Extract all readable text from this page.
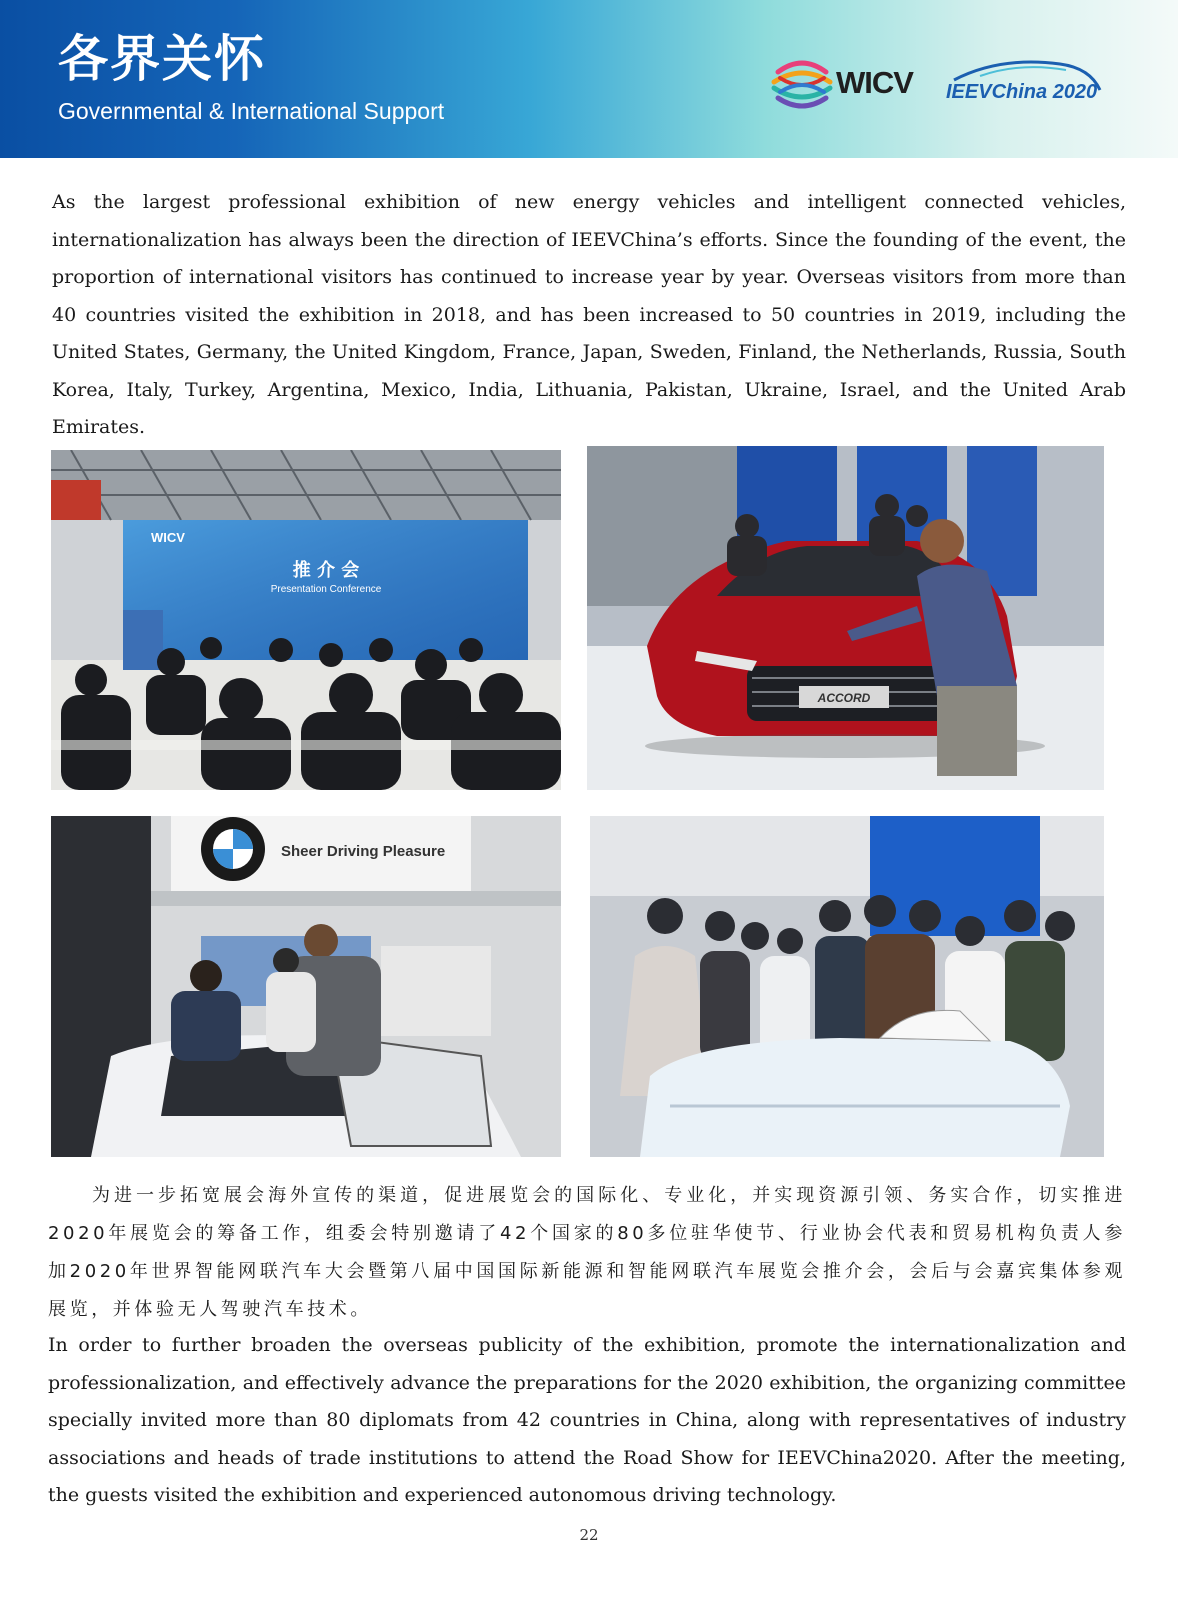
各界关怀
Governmental & International Support
WICV IEEVChina 2020

As the largest professional exhibition of new energy vehicles and intelligent connected vehicles, internationalization has always been the direction of IEEVChina’s efforts. Since the founding of the event, the proportion of international visitors has continued to increase year by year. Overseas visitors from more than 40 countries visited the exhibition in 2018, and has been increased to 50 countries in 2019, including the United States, Germany, the United Kingdom, France, Japan, Sweden, Finland, the Netherlands, Russia, South Korea, Italy, Turkey, Argentina, Mexico, India, Lithuania, Pakistan, Ukraine, Israel, and the United Arab Emirates.

WICV
推 介 会
Presentation Conference
ACCORD
Sheer Driving Pleasure

为进一步拓宽展会海外宣传的渠道，促进展览会的国际化、专业化，并实现资源引领、务实合作，切实推进2020年展览会的筹备工作，组委会特别邀请了42个国家的80多位驻华使节、行业协会代表和贸易机构负责人参加2020年世界智能网联汽车大会暨第八届中国国际新能源和智能网联汽车展览会推介会，会后与会嘉宾集体参观展览，并体验无人驾驶汽车技术。

In order to further broaden the overseas publicity of the exhibition, promote the internationalization and professionalization, and effectively advance the preparations for the 2020 exhibition, the organizing committee specially invited more than 80 diplomats from 42 countries in China, along with representatives of industry associations and heads of trade institutions to attend the Road Show for IEEVChina2020. After the meeting, the guests visited the exhibition and experienced autonomous driving technology.

22
